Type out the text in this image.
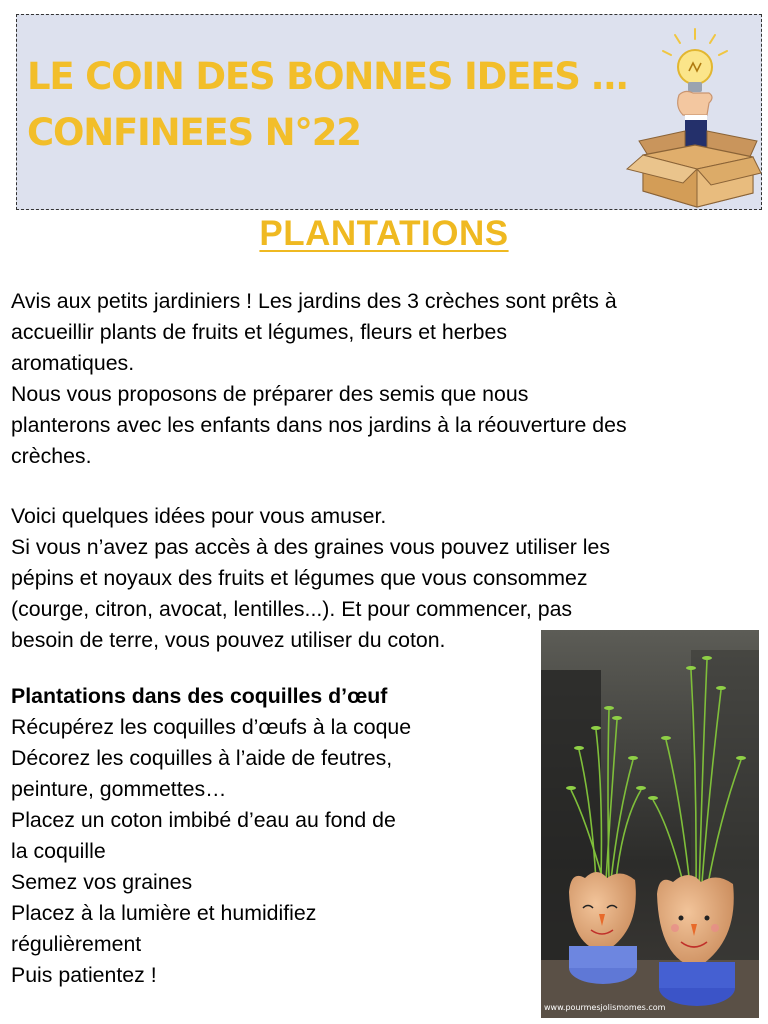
LE COIN DES BONNES IDEES …
CONFINEES N°22
PLANTATIONS

Avis aux petits jardiniers ! Les jardins des 3 crèches sont prêts à
accueillir plants de fruits et légumes, fleurs et herbes
aromatiques.
Nous vous proposons de préparer des semis que nous
planterons avec les enfants dans nos jardins à la réouverture des
crèches.

Voici quelques idées pour vous amuser.
Si vous n’avez pas accès à des graines vous pouvez utiliser les
pépins et noyaux des fruits et légumes que vous consommez
(courge, citron, avocat, lentilles...). Et pour commencer, pas
besoin de terre, vous pouvez utiliser du coton.

Plantations dans des coquilles d’œuf
Récupérez les coquilles d’œufs à la coque
Décorez les coquilles à l’aide de feutres,
peinture, gommettes…
Placez un coton imbibé d’eau au fond de
la coquille
Semez vos graines
Placez à la lumière et humidifiez
régulièrement
Puis patientez !
www.pourmesjolismomes.com
